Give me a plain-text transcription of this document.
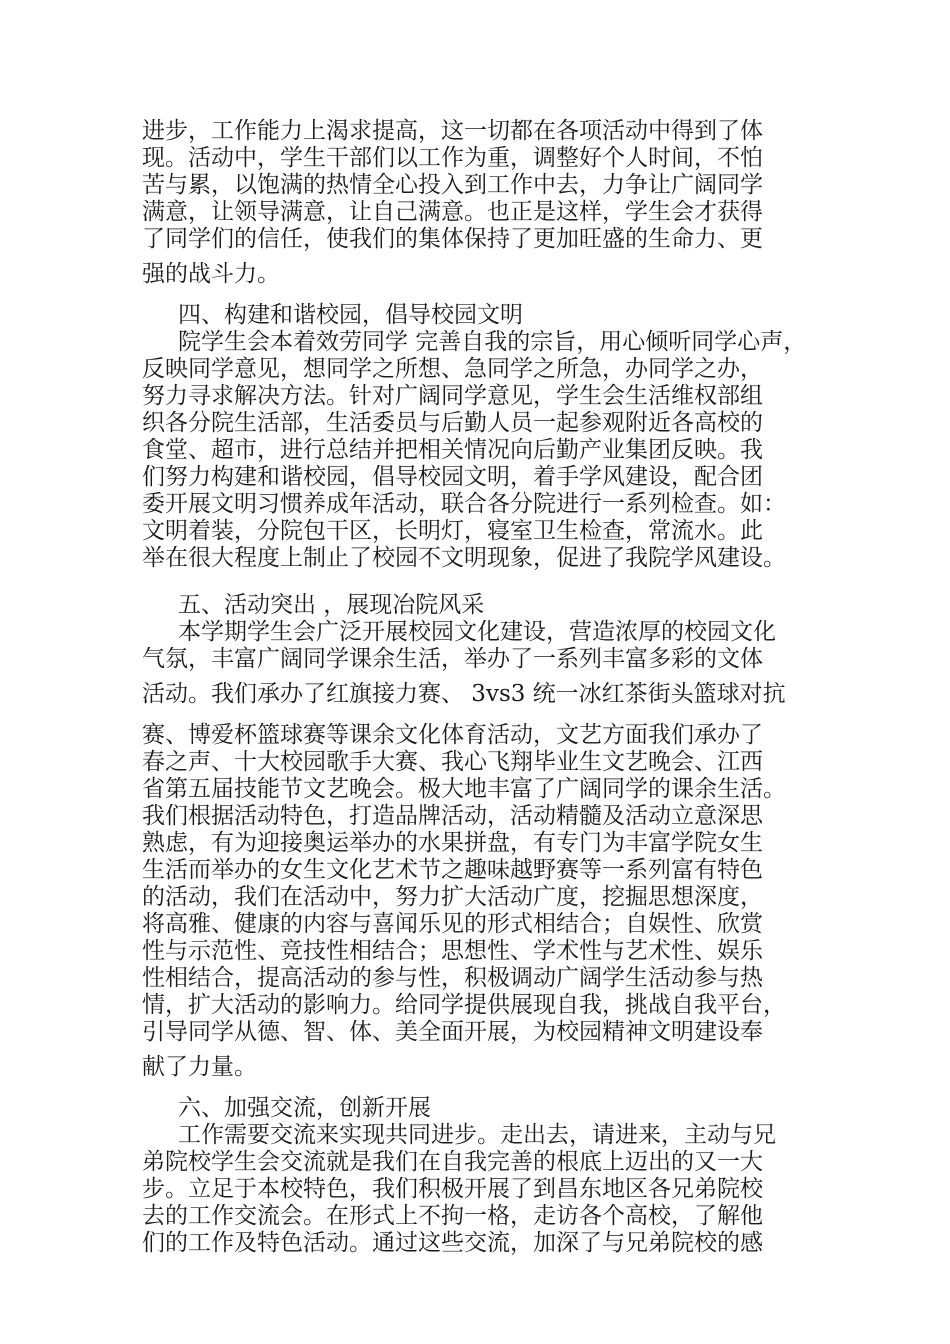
进步，工作能力上渴求提高，这一切都在各项活动中得到了体
现。活动中，学生干部们以工作为重，调整好个人时间，不怕
苦与累，以饱满的热情全心投入到工作中去，力争让广阔同学
满意，让领导满意，让自己满意。也正是这样，学生会才获得
了同学们的信任，使我们的集体保持了更加旺盛的生命力、更
强的战斗力。
四、构建和谐校园，倡导校园文明
院学生会本着效劳同学 完善自我的宗旨，用心倾听同学心声，
反映同学意见，想同学之所想、急同学之所急，办同学之办，
努力寻求解决方法。针对广阔同学意见，学生会生活维权部组
织各分院生活部，生活委员与后勤人员一起参观附近各高校的
食堂、超市，进行总结并把相关情况向后勤产业集团反映。我
们努力构建和谐校园，倡导校园文明，着手学风建设，配合团
委开展文明习惯养成年活动，联合各分院进行一系列检查。如：
文明着装，分院包干区，长明灯，寝室卫生检查，常流水。此
举在很大程度上制止了校园不文明现象，促进了我院学风建设。
五、活动突出 ，展现冶院风采
本学期学生会广泛开展校园文化建设，营造浓厚的校园文化
气氛，丰富广阔同学课余生活，举办了一系列丰富多彩的文体
活动。我们承办了红旗接力赛、 3vs3 统一冰红茶街头篮球对抗
赛、博爱杯篮球赛等课余文化体育活动，文艺方面我们承办了
春之声、十大校园歌手大赛、我心飞翔毕业生文艺晚会、江西
省第五届技能节文艺晚会。极大地丰富了广阔同学的课余生活。
我们根据活动特色，打造品牌活动，活动精髓及活动立意深思
熟虑，有为迎接奥运举办的水果拼盘，有专门为丰富学院女生
生活而举办的女生文化艺术节之趣味越野赛等一系列富有特色
的活动，我们在活动中，努力扩大活动广度，挖掘思想深度，
将高雅、健康的内容与喜闻乐见的形式相结合；自娱性、欣赏
性与示范性、竞技性相结合；思想性、学术性与艺术性、娱乐
性相结合，提高活动的参与性，积极调动广阔学生活动参与热
情，扩大活动的影响力。给同学提供展现自我，挑战自我平台，
引导同学从德、智、体、美全面开展，为校园精神文明建设奉
献了力量。
六、加强交流，创新开展
工作需要交流来实现共同进步。走出去，请进来，主动与兄
弟院校学生会交流就是我们在自我完善的根底上迈出的又一大
步。立足于本校特色，我们积极开展了到昌东地区各兄弟院校
去的工作交流会。在形式上不拘一格，走访各个高校，了解他
们的工作及特色活动。通过这些交流，加深了与兄弟院校的感
